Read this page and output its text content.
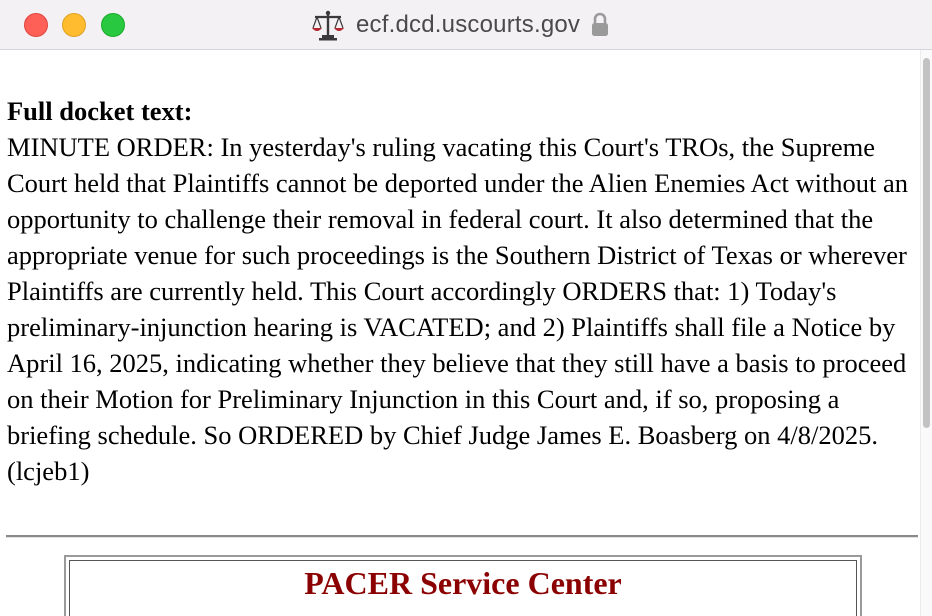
ecf.dcd.uscourts.gov
Full docket text:
MINUTE ORDER: In yesterday's ruling vacating this Court's TROs, the Supreme Court held that Plaintiffs cannot be deported under the Alien Enemies Act without an opportunity to challenge their removal in federal court. It also determined that the appropriate venue for such proceedings is the Southern District of Texas or wherever Plaintiffs are currently held. This Court accordingly ORDERS that: 1) Today's preliminary-injunction hearing is VACATED; and 2) Plaintiffs shall file a Notice by April 16, 2025, indicating whether they believe that they still have a basis to proceed on their Motion for Preliminary Injunction in this Court and, if so, proposing a briefing schedule. So ORDERED by Chief Judge James E. Boasberg on 4/8/2025. (lcjeb1)
PACER Service Center
